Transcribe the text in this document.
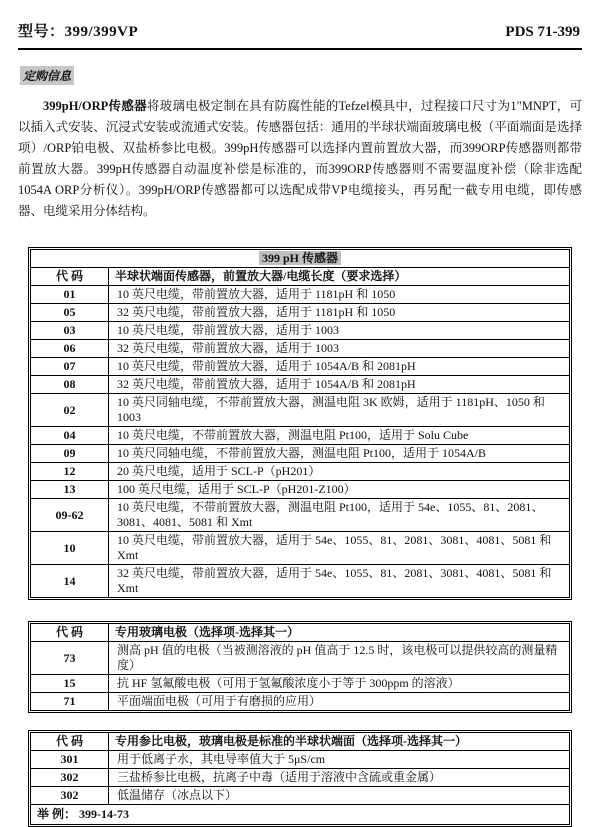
型号：399/399VP	PDS 71-399
定购信息

399pH/ORP传感器将玻璃电极定制在具有防腐性能的Tefzel模具中，过程接口尺寸为1"MNPT，可以插入式安装、沉浸式安装或流通式安装。传感器包括：通用的半球状端面玻璃电极（平面端面是选择项）/ORP铂电极、双盐桥参比电极。399pH传感器可以选择内置前置放大器，而399ORP传感器则都带前置放大器。399pH传感器自动温度补偿是标准的，而399ORP传感器则不需要温度补偿（除非选配1054A ORP分析仪）。399pH/ORP传感器都可以选配成带VP电缆接头，再另配一截专用电缆，即传感器、电缆采用分体结构。

399 pH 传感器	
代 码	半球状端面传感器，前置放大器/电缆长度（要求选择）
01	10 英尺电缆，带前置放大器，适用于 1181pH 和 1050
05	32 英尺电缆，带前置放大器，适用于 1181pH 和 1050
03	10 英尺电缆，带前置放大器，适用于 1003
06	32 英尺电缆，带前置放大器，适用于 1003
07	10 英尺电缆，带前置放大器，适用于 1054A/B 和 2081pH
08	32 英尺电缆，带前置放大器，适用于 1054A/B 和 2081pH
02	10 英尺同轴电缆，不带前置放大器，测温电阻 3K 欧姆，适用于 1181pH、1050 和 1003
04	10 英尺电缆，不带前置放大器，测温电阻 Pt100，适用于 Solu Cube
09	10 英尺同轴电缆，不带前置放大器，测温电阻 Pt100，适用于 1054A/B
12	20 英尺电缆，适用于 SCL-P（pH201）
13	100 英尺电缆，适用于 SCL-P（pH201-Z100）
09-62	10 英尺电缆，不带前置放大器，测温电阻 Pt100，适用于 54e、1055、81、2081、3081、4081、5081 和 Xmt
10	10 英尺电缆，带前置放大器，适用于 54e、1055、81、2081、3081、4081、5081 和 Xmt
14	32 英尺电缆，带前置放大器，适用于 54e、1055、81、2081、3081、4081、5081 和 Xmt
代 码	专用玻璃电极（选择项-选择其一）
73	测高 pH 值的电极（当被测溶液的 pH 值高于 12.5 时，该电极可以提供较高的测量精度）
15	抗 HF 氢氟酸电极（可用于氢氟酸浓度小于等于 300ppm 的溶液）
71	平面端面电极（可用于有磨损的应用）
代 码	专用参比电极，玻璃电极是标准的半球状端面（选择项-选择其一）
301	用于低离子水，其电导率值大于 5μS/cm
302	三盐桥参比电极，抗离子中毒（适用于溶液中含硫或重金属）
302	低温储存（冰点以下）
举 例： 399-14-73	
